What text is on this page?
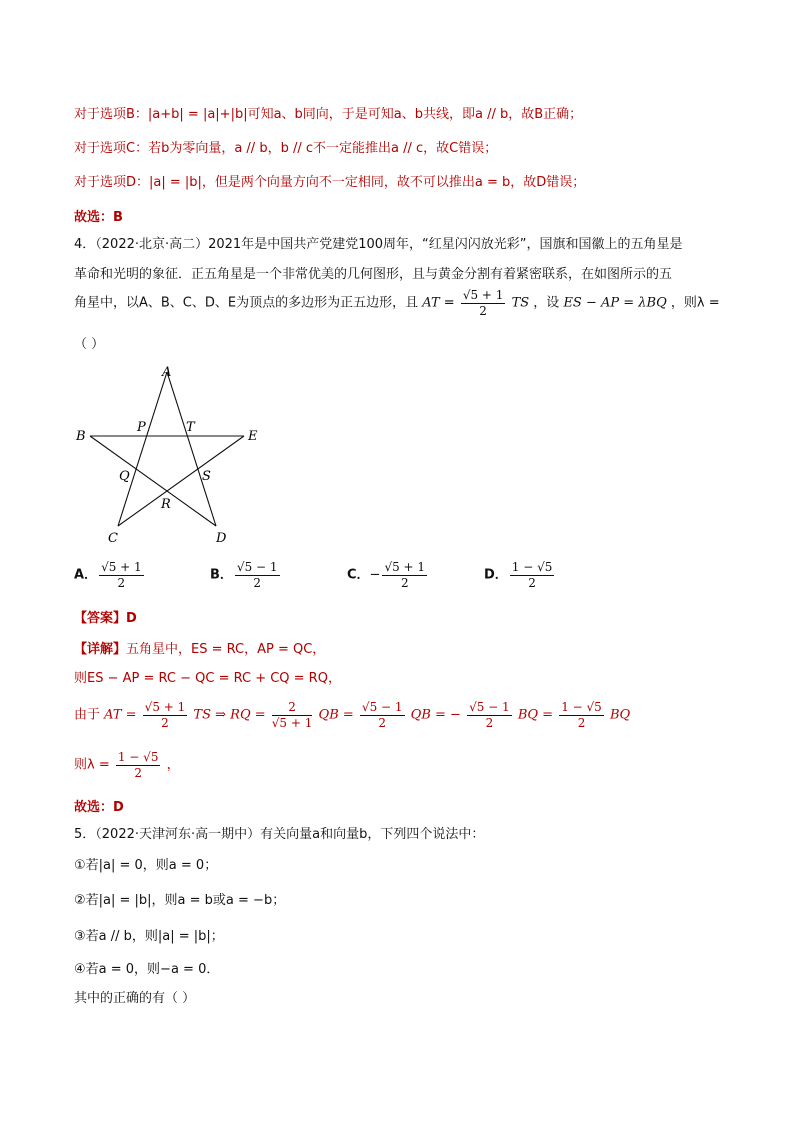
对于选项B：|a+b| = |a|+|b|可知a、b同向，于是可知a、b共线，即a // b，故B正确；
对于选项C：若b为零向量，a // b，b // c不一定能推出a // c，故C错误；
对于选项D：|a| = |b|，但是两个向量方向不一定相同，故不可以推出a = b，故D错误；
故选：B
4．（2022·北京·高二）2021年是中国共产党建党100周年，“红星闪闪放光彩”，国旗和国徽上的五角星是
革命和光明的象征．正五角星是一个非常优美的几何图形，且与黄金分割有着紧密联系，在如图所示的五
角星中，以A、B、C、D、E为顶点的多边形为正五边形，且 AT = $\frac{√5 + 1}{2}$ TS ，设 ES − AP = λBQ ，则λ =
（ ）
A
B
C	D
E
P	T
Q	S
R
A． $\frac{√5 + 1}{2}$	B． $\frac{√5 - 1}{2}$	C．− $\frac{√5 + 1}{2}$	D． $\frac{1 - √5}{2}$
【答案】D
【详解】五角星中，ES = RC，AP = QC，
则ES − AP = RC − QC = RC + CQ = RQ，
由于 AT = $\frac{√5 + 1}{2}$ TS ⇒ RQ = $\frac{2}{√5 + 1}$ QB = $\frac{√5 - 1}{2}$ QB = − $\frac{√5 - 1}{2}$ BQ = $\frac{1 - √5}{2}$ BQ
则$\lambda = \frac{1 - √5}{2}$ ，
故选：D
5．（2022·天津河东·高一期中）有关向量a和向量b，下列四个说法中：
①若|a| = 0，则a = 0；
②若|a| = |b|，则a = b或a = −b；
③若a // b，则|a| = |b|；
④若a = 0，则−a = 0．
其中的正确的有（ ）
